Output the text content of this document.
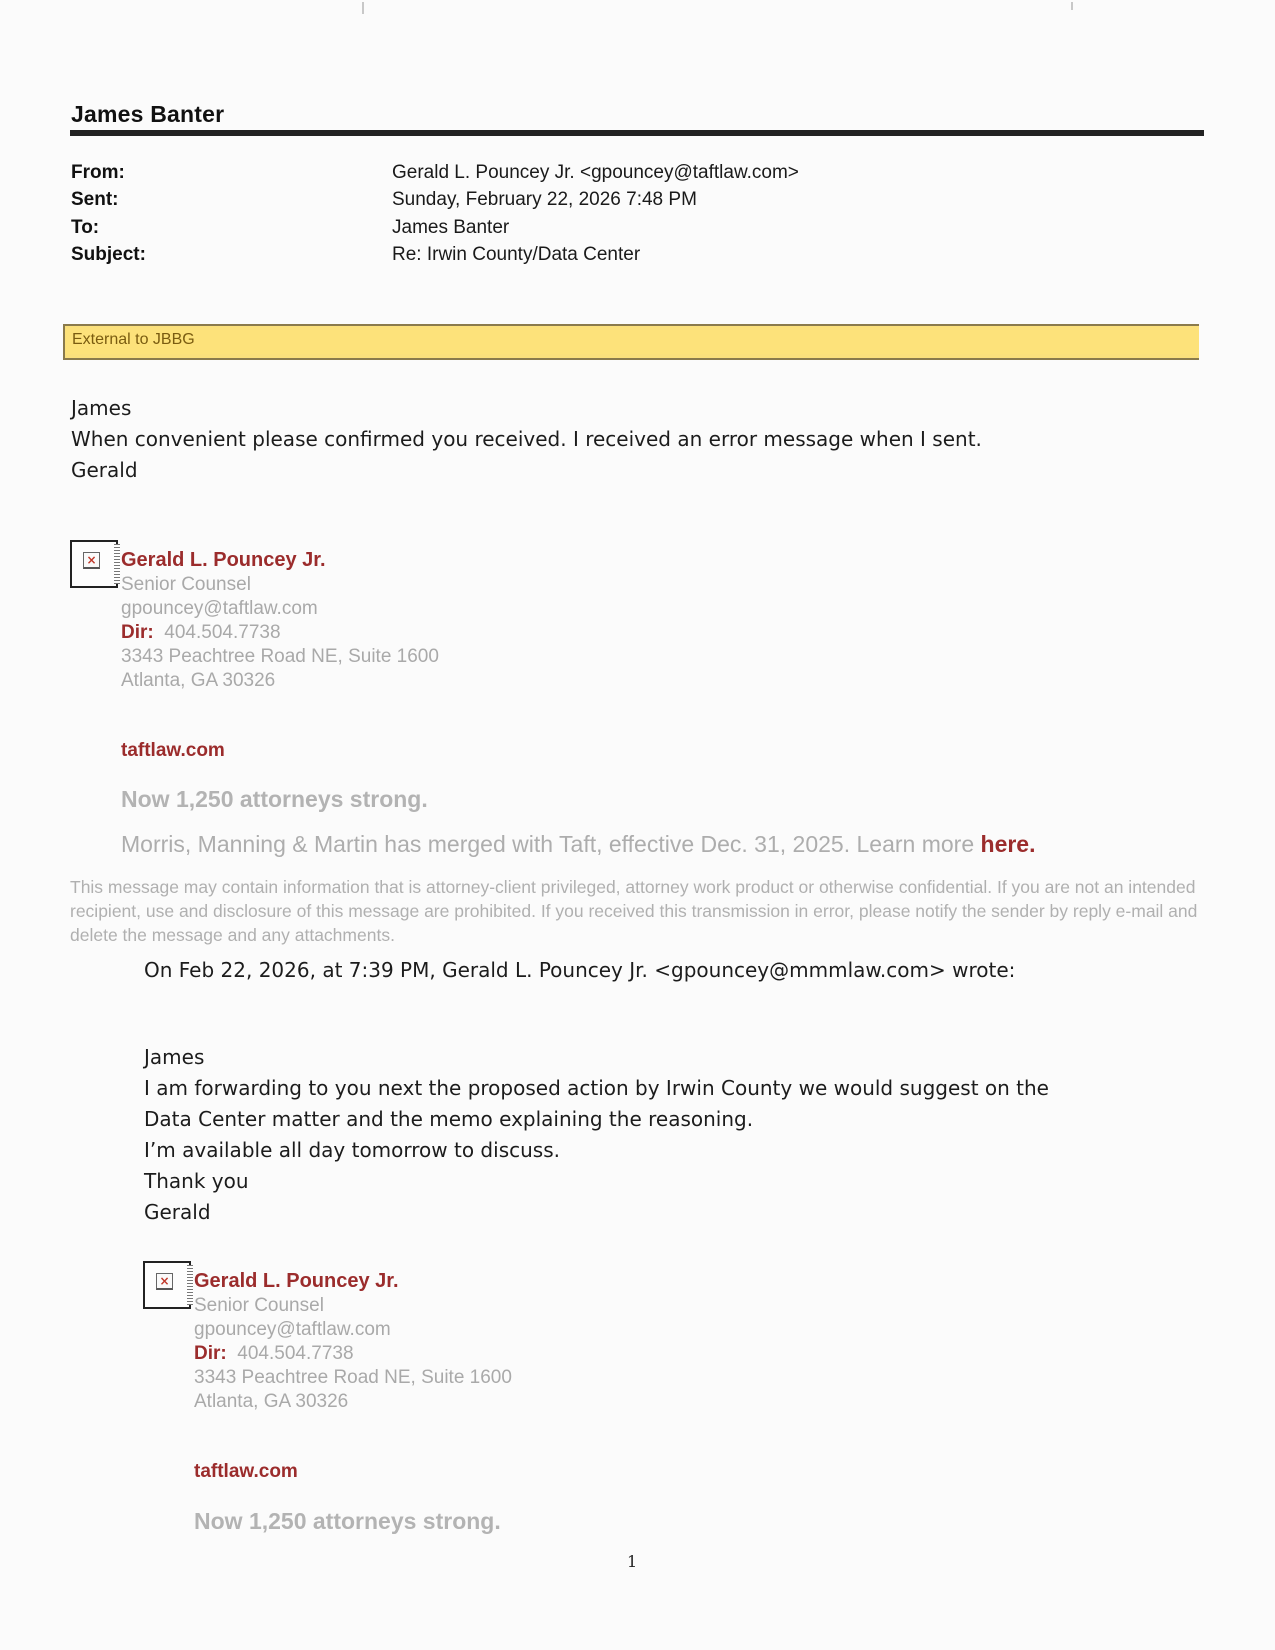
James Banter
From:	Gerald L. Pouncey Jr. <gpouncey@taftlaw.com>
Sent:	Sunday, February 22, 2026 7:48 PM
To:	James Banter
Subject:	Re: Irwin County/Data Center
External to JBBG
James
When convenient please confirmed you received. I received an error message when I sent.
Gerald
× Gerald L. Pouncey Jr.
Senior Counsel
gpouncey@taftlaw.com
Dir: 404.504.7738
3343 Peachtree Road NE, Suite 1600
Atlanta, GA 30326
taftlaw.com
Now 1,250 attorneys strong.
Morris, Manning & Martin has merged with Taft, effective Dec. 31, 2025. Learn more here.
This message may contain information that is attorney-client privileged, attorney work product or otherwise confidential. If you are not an intended recipient, use and disclosure of this message are prohibited. If you received this transmission in error, please notify the sender by reply e-mail and delete the message and any attachments.
On Feb 22, 2026, at 7:39 PM, Gerald L. Pouncey Jr. <gpouncey@mmmlaw.com> wrote:
James
I am forwarding to you next the proposed action by Irwin County we would suggest on the
Data Center matter and the memo explaining the reasoning.
I’m available all day tomorrow to discuss.
Thank you
Gerald
× Gerald L. Pouncey Jr.
Senior Counsel
gpouncey@taftlaw.com
Dir: 404.504.7738
3343 Peachtree Road NE, Suite 1600
Atlanta, GA 30326
taftlaw.com
Now 1,250 attorneys strong.
1
